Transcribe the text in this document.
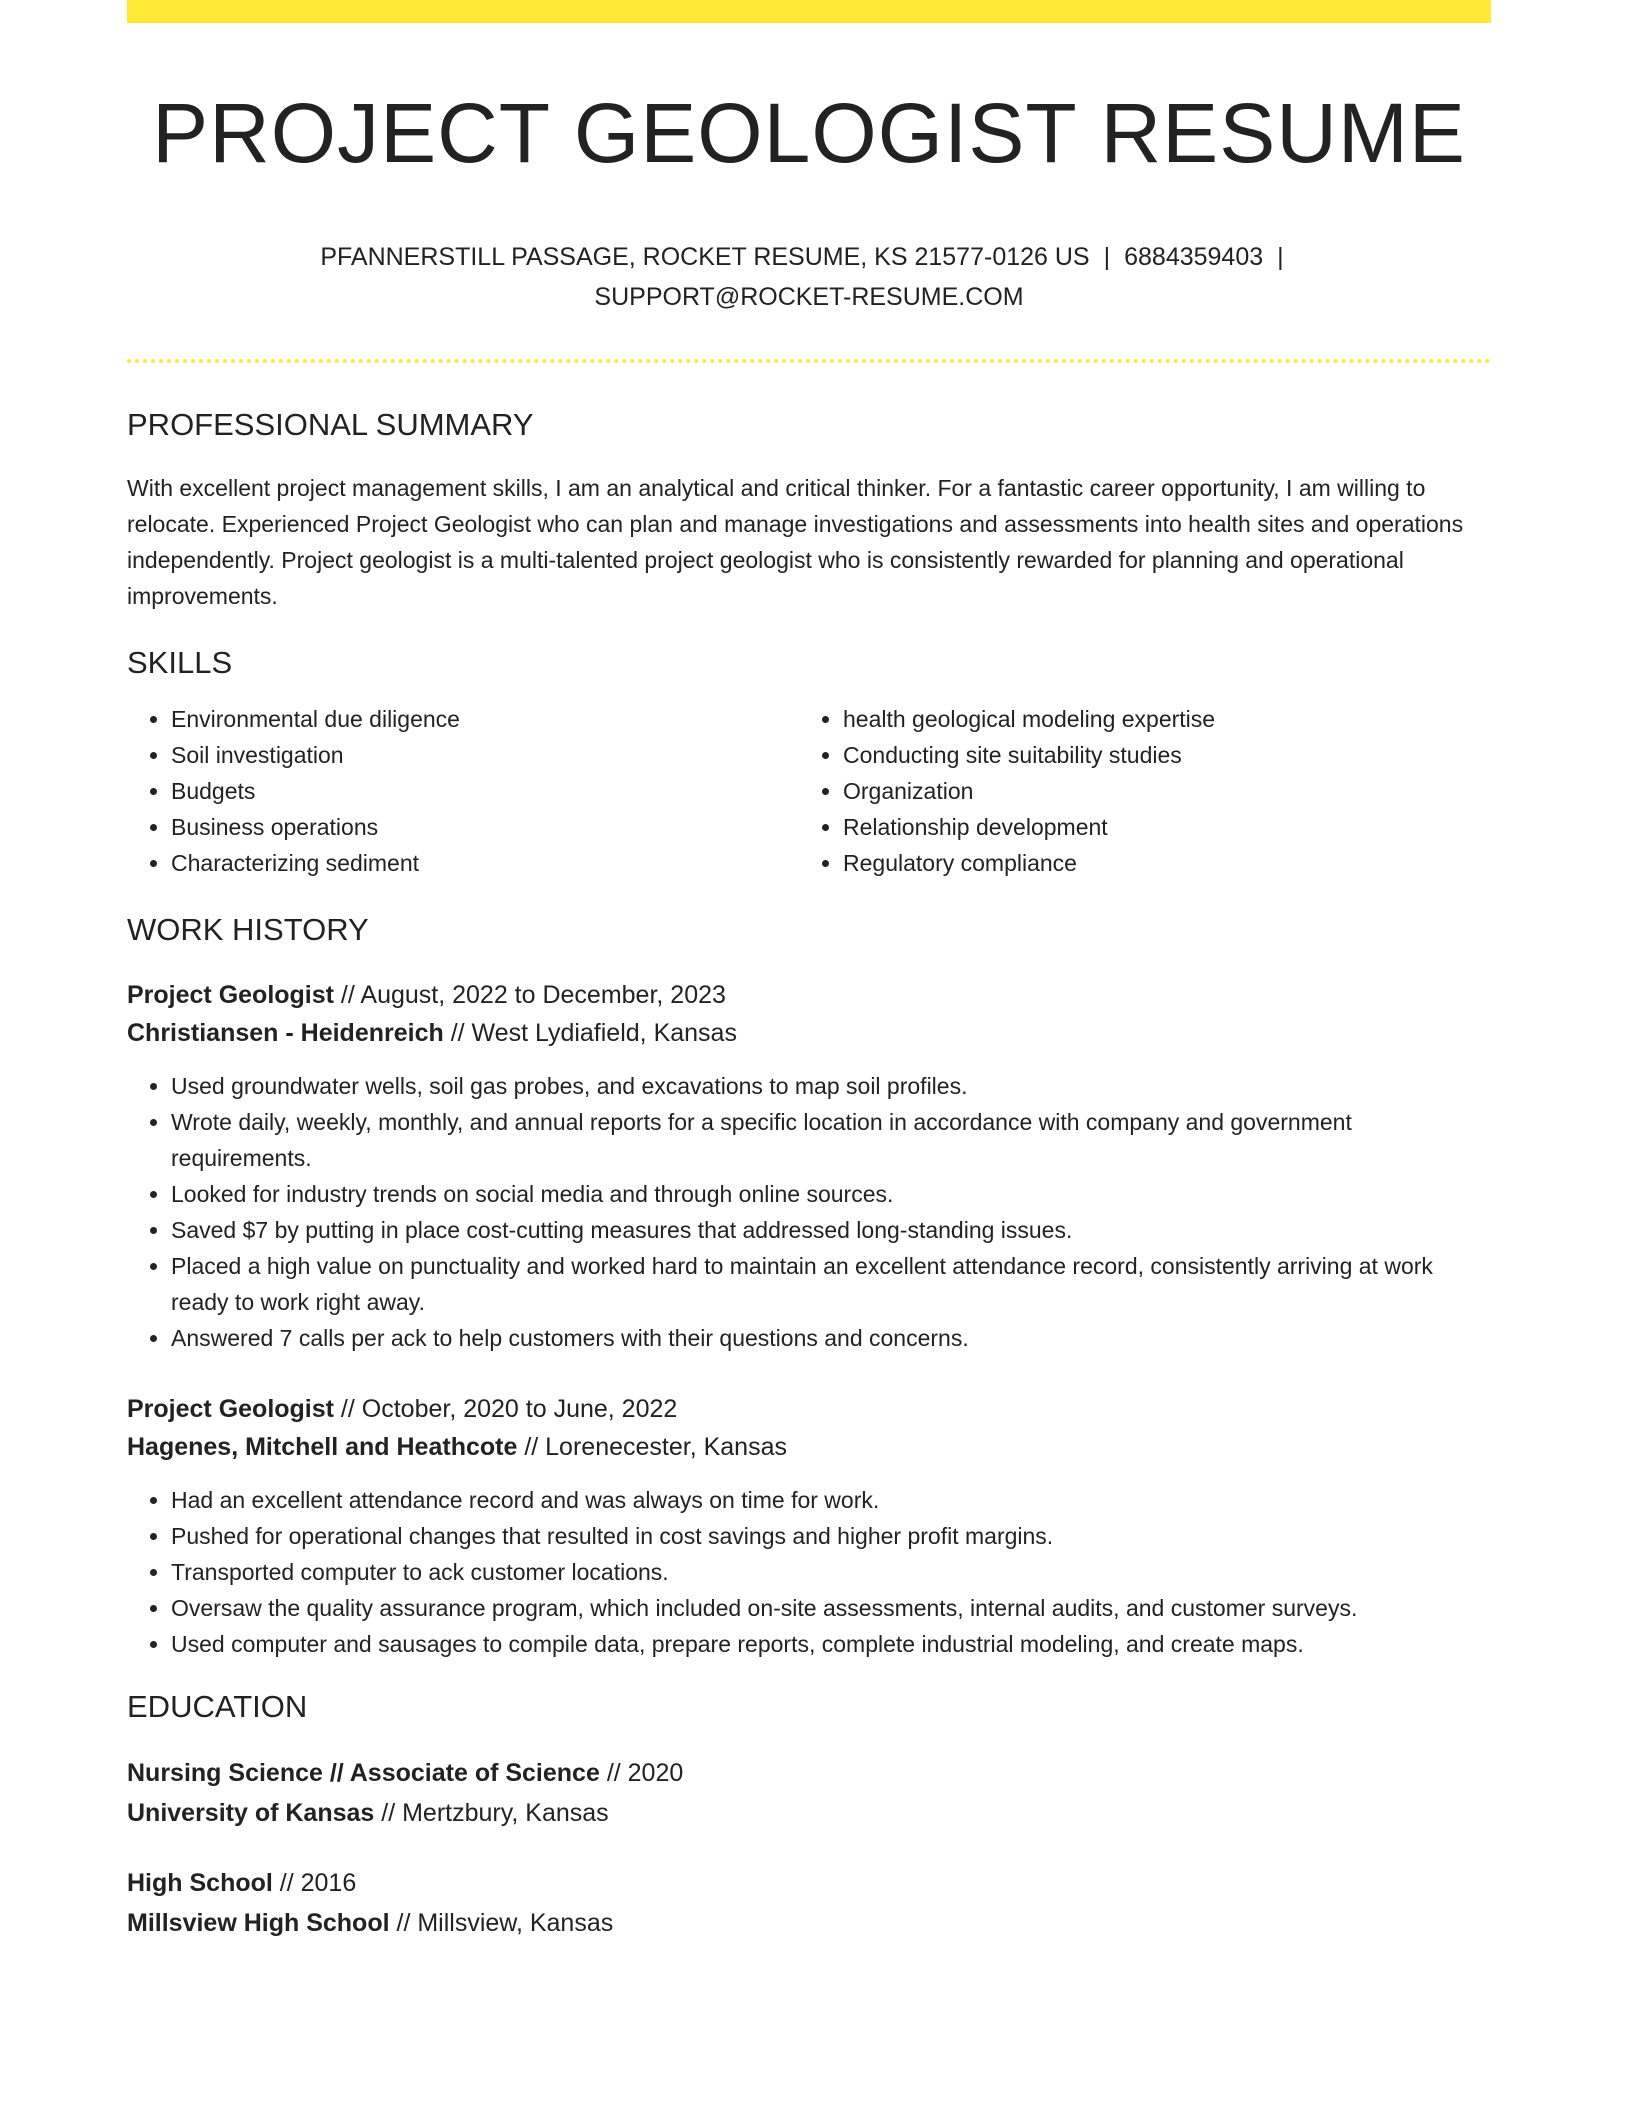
PROJECT GEOLOGIST RESUME
PFANNERSTILL PASSAGE, ROCKET RESUME, KS 21577-0126 US | 6884359403 |
SUPPORT@ROCKET-RESUME.COM
PROFESSIONAL SUMMARY

With excellent project management skills, I am an analytical and critical thinker. For a fantastic career opportunity, I am willing to relocate. Experienced Project Geologist who can plan and manage investigations and assessments into health sites and operations independently. Project geologist is a multi-talented project geologist who is consistently rewarded for planning and operational improvements.

SKILLS
• Environmental due diligence
• Soil investigation
• Budgets
• Business operations
• Characterizing sediment
• health geological modeling expertise
• Conducting site suitability studies
• Organization
• Relationship development
• Regulatory compliance
WORK HISTORY
Project Geologist // August, 2022 to December, 2023
Christiansen - Heidenreich // West Lydiafield, Kansas
• Used groundwater wells, soil gas probes, and excavations to map soil profiles.
• Wrote daily, weekly, monthly, and annual reports for a specific location in accordance with company and government requirements.
• Looked for industry trends on social media and through online sources.
• Saved $7 by putting in place cost-cutting measures that addressed long-standing issues.
• Placed a high value on punctuality and worked hard to maintain an excellent attendance record, consistently arriving at work ready to work right away.
• Answered 7 calls per ack to help customers with their questions and concerns.
Project Geologist // October, 2020 to June, 2022
Hagenes, Mitchell and Heathcote // Lorenecester, Kansas
• Had an excellent attendance record and was always on time for work.
• Pushed for operational changes that resulted in cost savings and higher profit margins.
• Transported computer to ack customer locations.
• Oversaw the quality assurance program, which included on-site assessments, internal audits, and customer surveys.
• Used computer and sausages to compile data, prepare reports, complete industrial modeling, and create maps.
EDUCATION
Nursing Science // Associate of Science // 2020
University of Kansas // Mertzbury, Kansas
High School // 2016
Millsview High School // Millsview, Kansas
